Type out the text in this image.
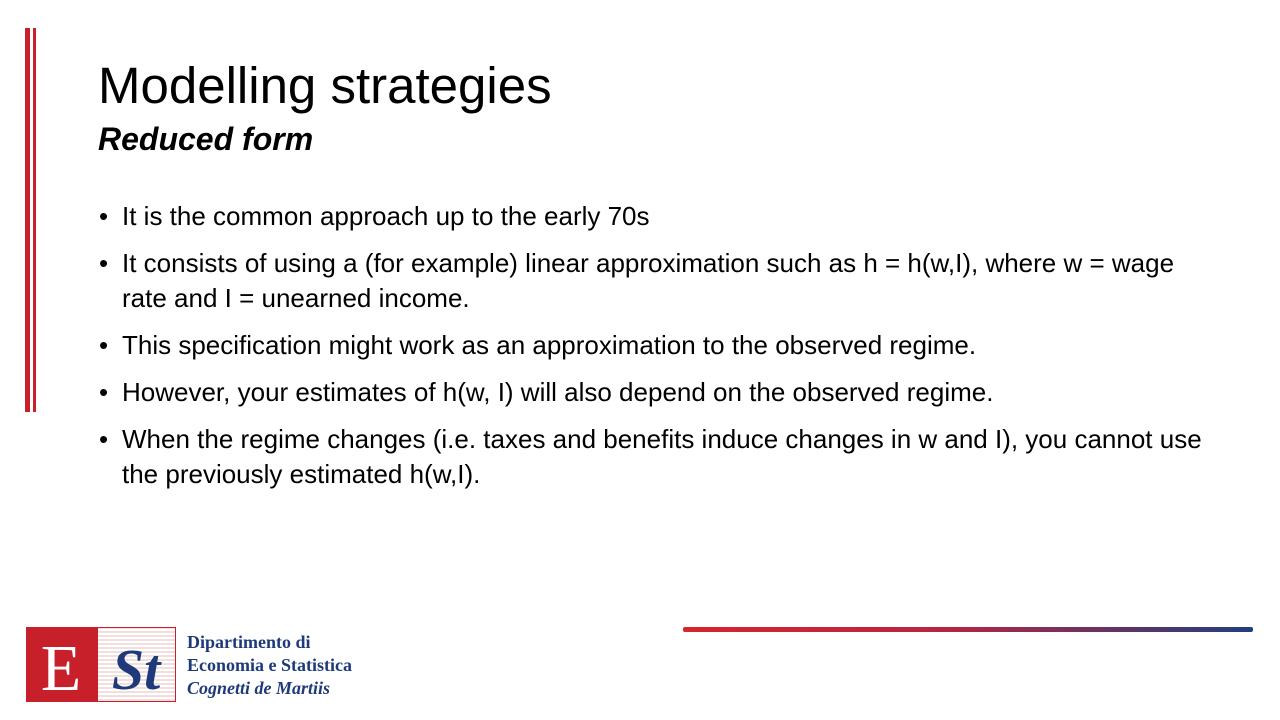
Modelling strategies
Reduced form
• It is the common approach up to the early 70s
• It consists of using a (for example) linear approximation such as h = h(w,I), where w = wage rate and I = unearned income.
• This specification might work as an approximation to the observed regime.
• However, your estimates of h(w, I) will also depend on the observed regime.
• When the regime changes (i.e. taxes and benefits induce changes in w and I), you cannot use the previously estimated h(w,I).
E St Dipartimento di
Economia e Statistica
Cognetti de Martiis
